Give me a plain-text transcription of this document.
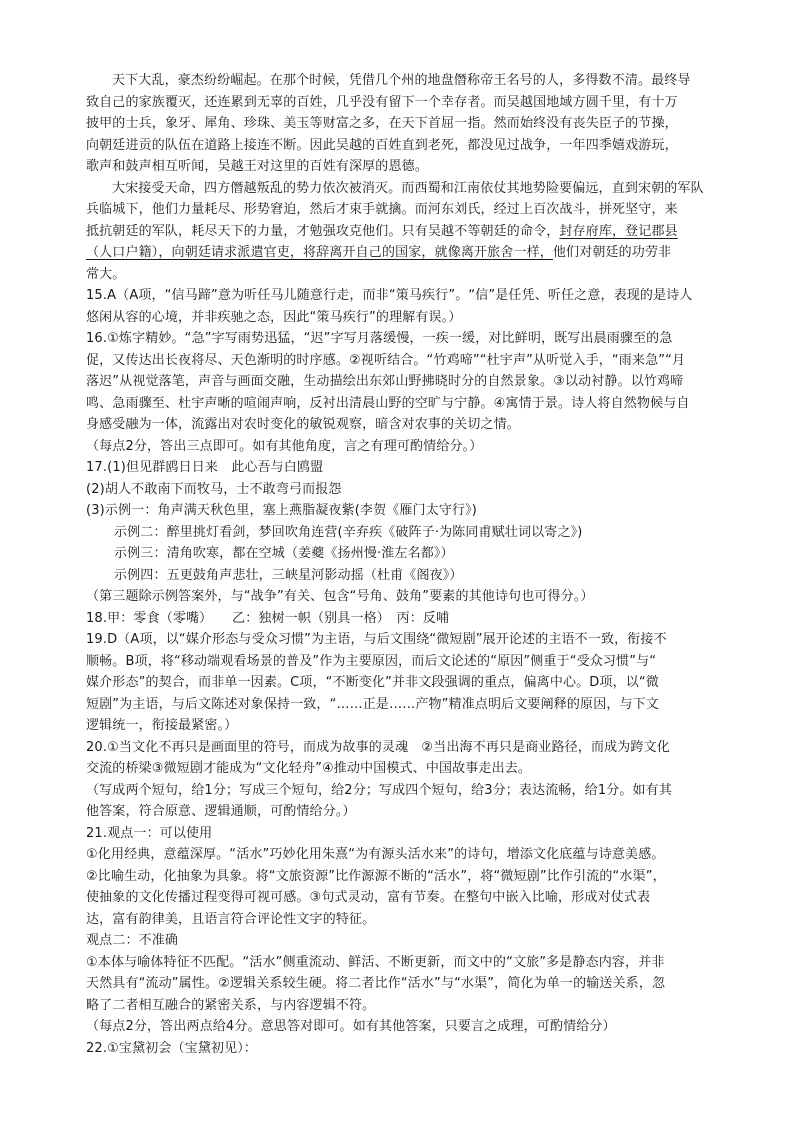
天下大乱，豪杰纷纷崛起。在那个时候，凭借几个州的地盘僭称帝王名号的人，多得数不清。最终导
致自己的家族覆灭，还连累到无辜的百姓，几乎没有留下一个幸存者。而吴越国地域方圆千里，有十万
披甲的士兵，象牙、犀角、珍珠、美玉等财富之多，在天下首屈一指。然而始终没有丧失臣子的节操，
向朝廷进贡的队伍在道路上接连不断。因此吴越的百姓直到老死，都没见过战争，一年四季嬉戏游玩，
歌声和鼓声相互听闻，吴越王对这里的百姓有深厚的恩德。
大宋接受天命，四方僭越叛乱的势力依次被消灭。而西蜀和江南依仗其地势险要偏远，直到宋朝的军队
兵临城下，他们力量耗尽、形势窘迫，然后才束手就擒。而河东刘氏，经过上百次战斗，拼死坚守，来
抵抗朝廷的军队，耗尽天下的力量，才勉强攻克他们。只有吴越不等朝廷的命令，封存府库，登记郡县
（人口户籍），向朝廷请求派遣官吏，将辞离开自己的国家，就像离开旅舍一样，他们对朝廷的功劳非
常大。
15.A（A项，“信马蹄”意为听任马儿随意行走，而非“策马疾行”。“信”是任凭、听任之意，表现的是诗人
悠闲从容的心境，并非疾驰之态，因此“策马疾行”的理解有误。）
16.①炼字精妙。“急”字写雨势迅猛，“迟”字写月落缓慢，一疾一缓，对比鲜明，既写出晨雨骤至的急
促，又传达出长夜将尽、天色渐明的时序感。②视听结合。“竹鸡啼”“杜宇声”从听觉入手，“雨来急”“月
落迟”从视觉落笔，声音与画面交融，生动描绘出东郊山野拂晓时分的自然景象。③以动衬静。以竹鸡啼
鸣、急雨骤至、杜宇声晰的喧闹声响，反衬出清晨山野的空旷与宁静。④寓情于景。诗人将自然物候与自
身感受融为一体，流露出对农时变化的敏锐观察，暗含对农事的关切之情。
（每点2分，答出三点即可。如有其他角度，言之有理可酌情给分。）
17.(1)但见群鸥日日来　此心吾与白鸥盟
(2)胡人不敢南下而牧马，士不敢弯弓而报怨
(3)示例一：角声满天秋色里，塞上燕脂凝夜紫(李贺《雁门太守行》)
示例二：醉里挑灯看剑，梦回吹角连营(辛弃疾《破阵子·为陈同甫赋壮词以寄之》)
示例三：清角吹寒，都在空城（姜夔《扬州慢·淮左名都》）
示例四：五更鼓角声悲壮，三峡星河影动摇（杜甫《阁夜》）
（第三题除示例答案外，与“战争”有关、包含“号角、鼓角”要素的其他诗句也可得分。）
18.甲：零食（零嘴）　　乙：独树一帜（别具一格）　丙：反哺
19.D（A项，以“媒介形态与受众习惯”为主语，与后文围绕“微短剧”展开论述的主语不一致，衔接不
顺畅。B项，将“移动端观看场景的普及”作为主要原因，而后文论述的“原因”侧重于“受众习惯”与“
媒介形态”的契合，而非单一因素。C项，“不断变化”并非文段强调的重点，偏离中心。D项，以“微
短剧”为主语，与后文陈述对象保持一致，“……正是……产物”精准点明后文要阐释的原因，与下文
逻辑统一，衔接最紧密。）
20.①当文化不再只是画面里的符号，而成为故事的灵魂　②当出海不再只是商业路径，而成为跨文化
交流的桥梁③微短剧才能成为“文化轻舟”④推动中国模式、中国故事走出去。
（写成两个短句，给1分；写成三个短句，给2分；写成四个短句，给3分；表达流畅，给1分。如有其
他答案，符合原意、逻辑通顺，可酌情给分。）
21.观点一：可以使用
①化用经典，意蕴深厚。“活水”巧妙化用朱熹“为有源头活水来”的诗句，增添文化底蕴与诗意美感。
②比喻生动，化抽象为具象。将“文旅资源”比作源源不断的“活水”，将“微短剧”比作引流的“水渠”，
使抽象的文化传播过程变得可视可感。③句式灵动，富有节奏。在整句中嵌入比喻，形成对仗式表
达，富有韵律美，且语言符合评论性文字的特征。
观点二：不准确
①本体与喻体特征不匹配。“活水”侧重流动、鲜活、不断更新，而文中的“文旅”多是静态内容，并非
天然具有“流动”属性。②逻辑关系较生硬。将二者比作“活水”与“水渠”，简化为单一的输送关系，忽
略了二者相互融合的紧密关系，与内容逻辑不符。
（每点2分，答出两点给4分。意思答对即可。如有其他答案，只要言之成理，可酌情给分）
22.①宝黛初会（宝黛初见）：
